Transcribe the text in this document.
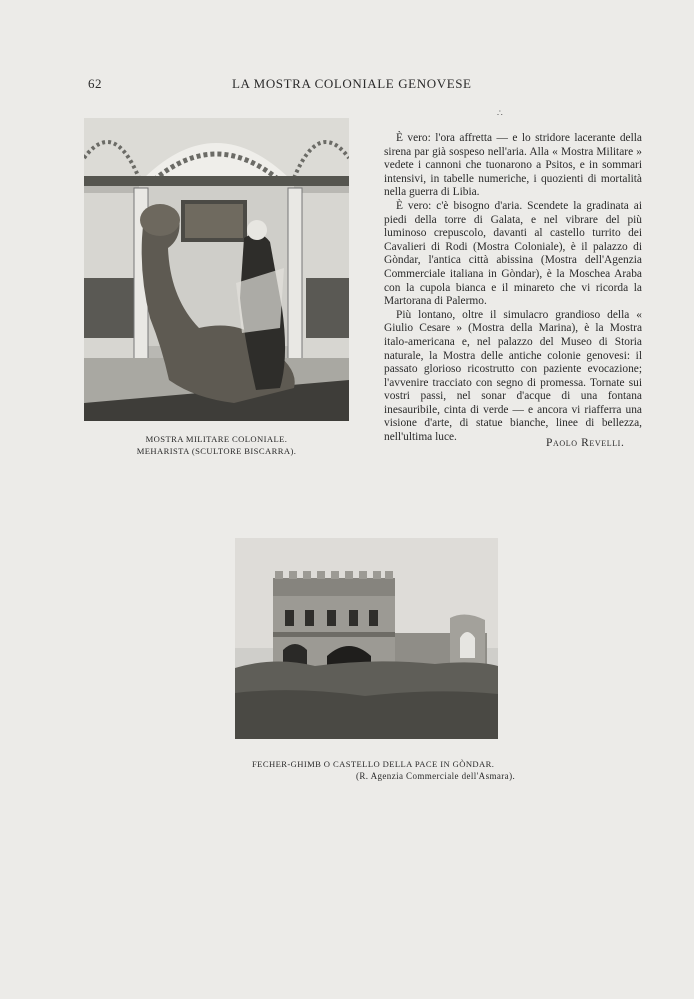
62	LA MOSTRA COLONIALE GENOVESE
∴
MOSTRA MILITARE COLONIALE.
MEHARISTA (SCULTORE BISCARRA).

È vero: l'ora affretta — e lo stridore lacerante della sirena par già sospeso nell'aria. Alla « Mostra Militare » vedete i cannoni che tuonarono a Psitos, e in sommari intensivi, in tabelle numeriche, i quozienti di mortalità nella guerra di Libia.

È vero: c'è bisogno d'aria. Scendete la gradinata ai piedi della torre di Galata, e nel vibrare del più luminoso crepuscolo, davanti al castello turrito dei Cavalieri di Rodi (Mostra Coloniale), è il palazzo di Gòndar, l'antica città abissina (Mostra dell'Agenzia Commerciale italiana in Gòndar), è la Moschea Araba con la cupola bianca e il minareto che vi ricorda la Martorana di Palermo.

Più lontano, oltre il simulacro grandioso della « Giulio Cesare » (Mostra della Marina), è la Mostra italo-americana e, nel palazzo del Museo di Storia naturale, la Mostra delle antiche colonie genovesi: il passato glorioso ricostrutto con paziente evocazione; l'avvenire tracciato con segno di promessa. Tornate sui vostri passi, nel sonar d'acque di una fontana inesauribile, cinta di verde — e ancora vi riafferra una visione d'arte, di statue bianche, linee di bellezza, nell'ultima luce.	Paolo Revelli.
FECHER-GHIMB O CASTELLO DELLA PACE IN GÒNDAR.
(R. Agenzia Commerciale dell'Asmara).
